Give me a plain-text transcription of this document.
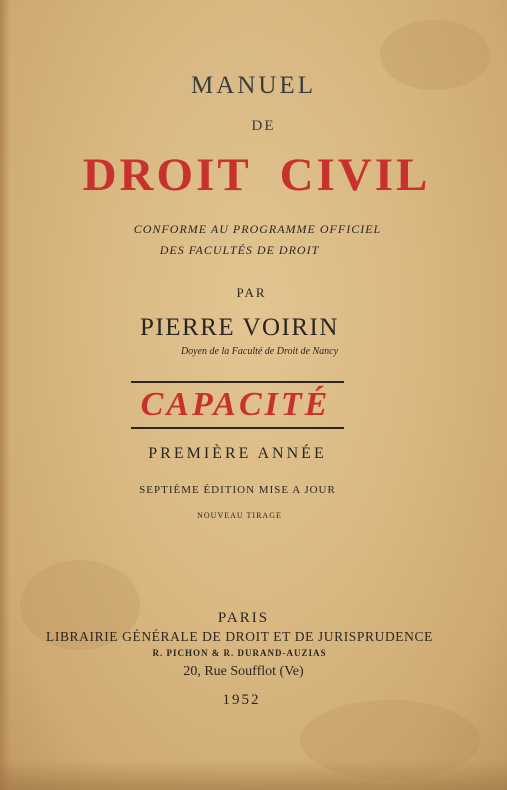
MANUEL
DE
DROIT CIVIL
CONFORME AU PROGRAMME OFFICIEL
DES FACULTÉS DE DROIT
PAR
PIERRE VOIRIN
Doyen de la Faculté de Droit de Nancy
CAPACITÉ
PREMIÈRE ANNÉE
SEPTIÈME ÉDITION MISE A JOUR
NOUVEAU TIRAGE
PARIS
LIBRAIRIE GÉNÉRALE DE DROIT ET DE JURISPRUDENCE
R. PICHON & R. DURAND-AUZIAS
20, Rue Soufflot (Ve)
1952
